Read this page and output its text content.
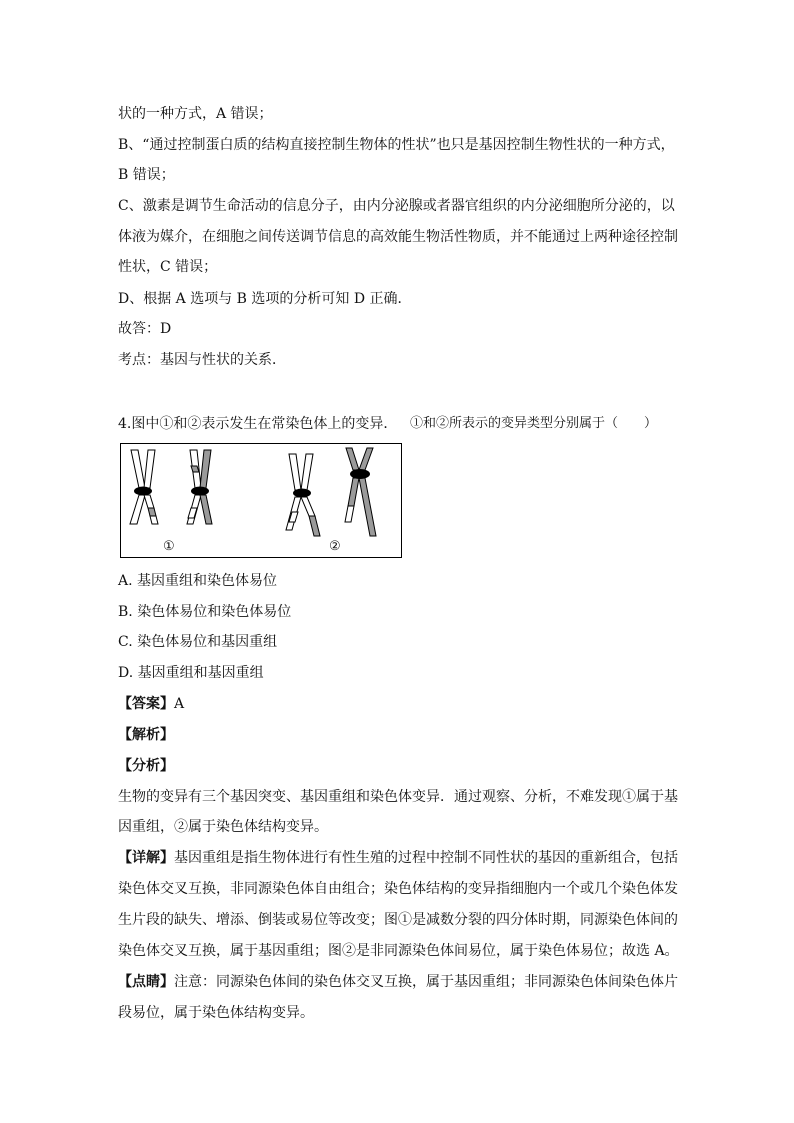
状的一种方式，A 错误；
B、“通过控制蛋白质的结构直接控制生物体的性状”也只是基因控制生物性状的一种方式，
B 错误；
C、激素是调节生命活动的信息分子，由内分泌腺或者器官组织的内分泌细胞所分泌的，以
体液为媒介，在细胞之间传送调节信息的高效能生物活性物质，并不能通过上两种途径控制
性状，C 错误；
D、根据 A 选项与 B 选项的分析可知 D 正确．
故答：D
考点：基因与性状的关系．
4.图中①和②表示发生在常染色体上的变异． ①和②所表示的变异类型分别属于（　　）
①	②
A. 基因重组和染色体易位
B. 染色体易位和染色体易位
C. 染色体易位和基因重组
D. 基因重组和基因重组
【答案】A
【解析】
【分析】
生物的变异有三个基因突变、基因重组和染色体变异．通过观察、分析，不难发现①属于基
因重组，②属于染色体结构变异。
【详解】基因重组是指生物体进行有性生殖的过程中控制不同性状的基因的重新组合，包括
染色体交叉互换，非同源染色体自由组合；染色体结构的变异指细胞内一个或几个染色体发
生片段的缺失、增添、倒装或易位等改变；图①是减数分裂的四分体时期，同源染色体间的
染色体交叉互换，属于基因重组；图②是非同源染色体间易位，属于染色体易位；故选 A。
【点睛】注意：同源染色体间的染色体交叉互换，属于基因重组；非同源染色体间染色体片
段易位，属于染色体结构变异。
